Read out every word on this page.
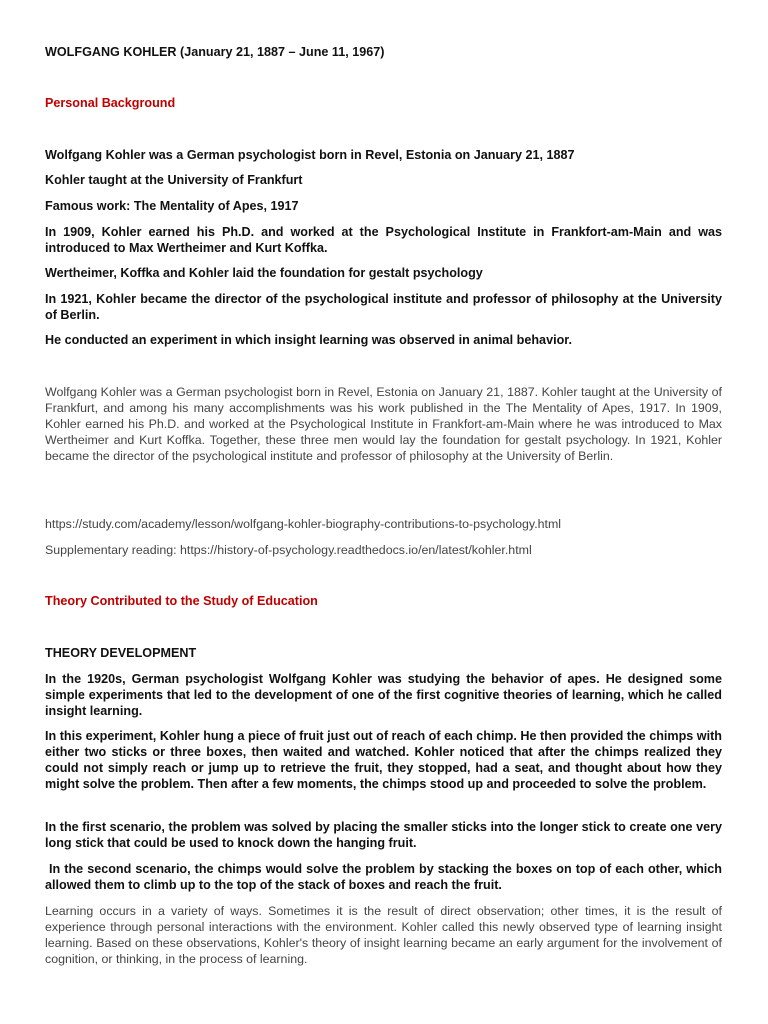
WOLFGANG KOHLER (January 21, 1887 – June 11, 1967)

Personal Background

Wolfgang Kohler was a German psychologist born in Revel, Estonia on January 21, 1887

Kohler taught at the University of Frankfurt

Famous work: The Mentality of Apes, 1917

In 1909, Kohler earned his Ph.D. and worked at the Psychological Institute in Frankfort-am-Main and was introduced to Max Wertheimer and Kurt Koffka.

Wertheimer, Koffka and Kohler laid the foundation for gestalt psychology

In 1921, Kohler became the director of the psychological institute and professor of philosophy at the University of Berlin.

He conducted an experiment in which insight learning was observed in animal behavior.

Wolfgang Kohler was a German psychologist born in Revel, Estonia on January 21, 1887. Kohler taught at the University of Frankfurt, and among his many accomplishments was his work published in the The Mentality of Apes, 1917. In 1909, Kohler earned his Ph.D. and worked at the Psychological Institute in Frankfort-am-Main where he was introduced to Max Wertheimer and Kurt Koffka. Together, these three men would lay the foundation for gestalt psychology. In 1921, Kohler became the director of the psychological institute and professor of philosophy at the University of Berlin.

https://study.com/academy/lesson/wolfgang-kohler-biography-contributions-to-psychology.html

Supplementary reading: https://history-of-psychology.readthedocs.io/en/latest/kohler.html

Theory Contributed to the Study of Education

THEORY DEVELOPMENT

In the 1920s, German psychologist Wolfgang Kohler was studying the behavior of apes. He designed some simple experiments that led to the development of one of the first cognitive theories of learning, which he called insight learning.

In this experiment, Kohler hung a piece of fruit just out of reach of each chimp. He then provided the chimps with either two sticks or three boxes, then waited and watched. Kohler noticed that after the chimps realized they could not simply reach or jump up to retrieve the fruit, they stopped, had a seat, and thought about how they might solve the problem. Then after a few moments, the chimps stood up and proceeded to solve the problem.

In the first scenario, the problem was solved by placing the smaller sticks into the longer stick to create one very long stick that could be used to knock down the hanging fruit.

In the second scenario, the chimps would solve the problem by stacking the boxes on top of each other, which allowed them to climb up to the top of the stack of boxes and reach the fruit.

Learning occurs in a variety of ways. Sometimes it is the result of direct observation; other times, it is the result of experience through personal interactions with the environment. Kohler called this newly observed type of learning insight learning. Based on these observations, Kohler's theory of insight learning became an early argument for the involvement of cognition, or thinking, in the process of learning.
